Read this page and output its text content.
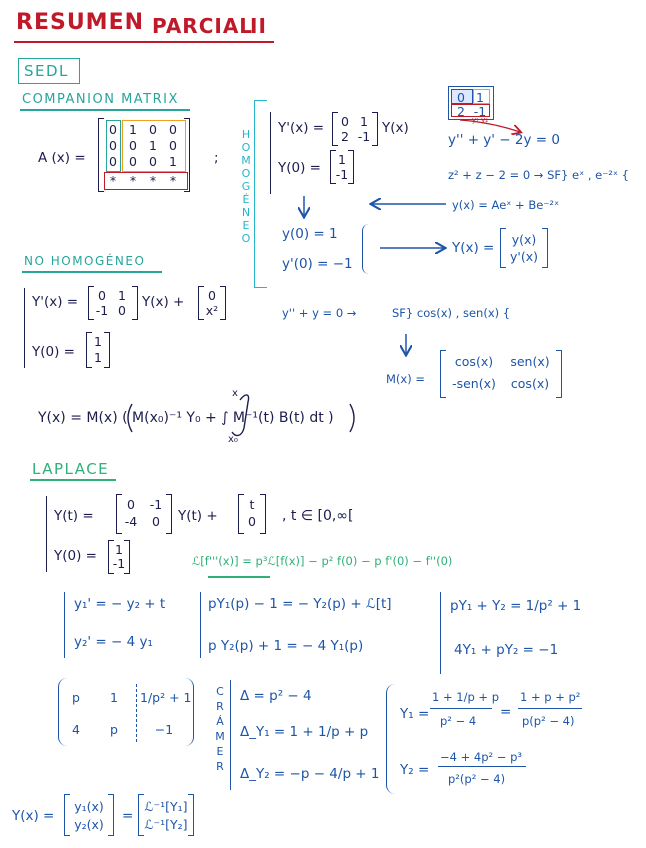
RESUMEN PARCIAL
II
SEDL
COMPANION MATRIX
A (x) =
0 1 0 0
0 0 1 0
0 0 0 1
* * * *
;
H
O
M
O
G
É
N
E
O
Y'(x) = 0 1
2 -1
Y(x)
Y(0) =
1
-1
0 1
2 -1
y₁ y₂
y'' + y' − 2y = 0
z² + z − 2 = 0 → SF} eˣ , e⁻²ˣ {
y(x) = Aeˣ + Be⁻²ˣ
y(0) = 1
y'(0) = −1
Y(x) =
y(x)
y'(x)
NO HOMOGÉNEO
Y'(x) =	0 1
-1 0
Y(x) +	0
x²
Y(0) =
1
1
y'' + y = 0 →	SF} cos(x) , sen(x) {
M(x) =
cos(x)	sen(x)
-sen(x)	cos(x)
Y(x) = M(x) ( M(x₀)⁻¹ Y₀ + ∫ M⁻¹(t) B(t) dt )
x
x₀
LAPLACE
Y(t) =
0	-1
-4	0	Y(t) +
t
0	, t ∈ [0,∞[
Y(0) =	1
-1	ℒ[f'''(x)] = p³ℒ[f(x)] − p² f(0) − p f'(0) − f''(0)
y₁' = − y₂ + t
y₂' = − 4 y₁
pY₁(p) − 1 = − Y₂(p) + ℒ[t]
p Y₂(p) + 1 = − 4 Y₁(p)
pY₁ + Y₂ = 1/p² + 1
4Y₁ + pY₂ = −1
p	1	1/p² + 1
4	p	−1
C
R
Á
M
E
R
Δ = p² − 4
Δ_Y₁ = 1 + 1/p + p
Δ_Y₂ = −p − 4/p + 1
Y₁ =
1 + 1/p + p
p² − 4
=
1 + p + p²
p(p² − 4)
Y₂ =
−4 + 4p² − p³
p²(p² − 4)
Y(x) =
y₁(x)
y₂(x)
=
ℒ⁻¹[Y₁]
ℒ⁻¹[Y₂]
